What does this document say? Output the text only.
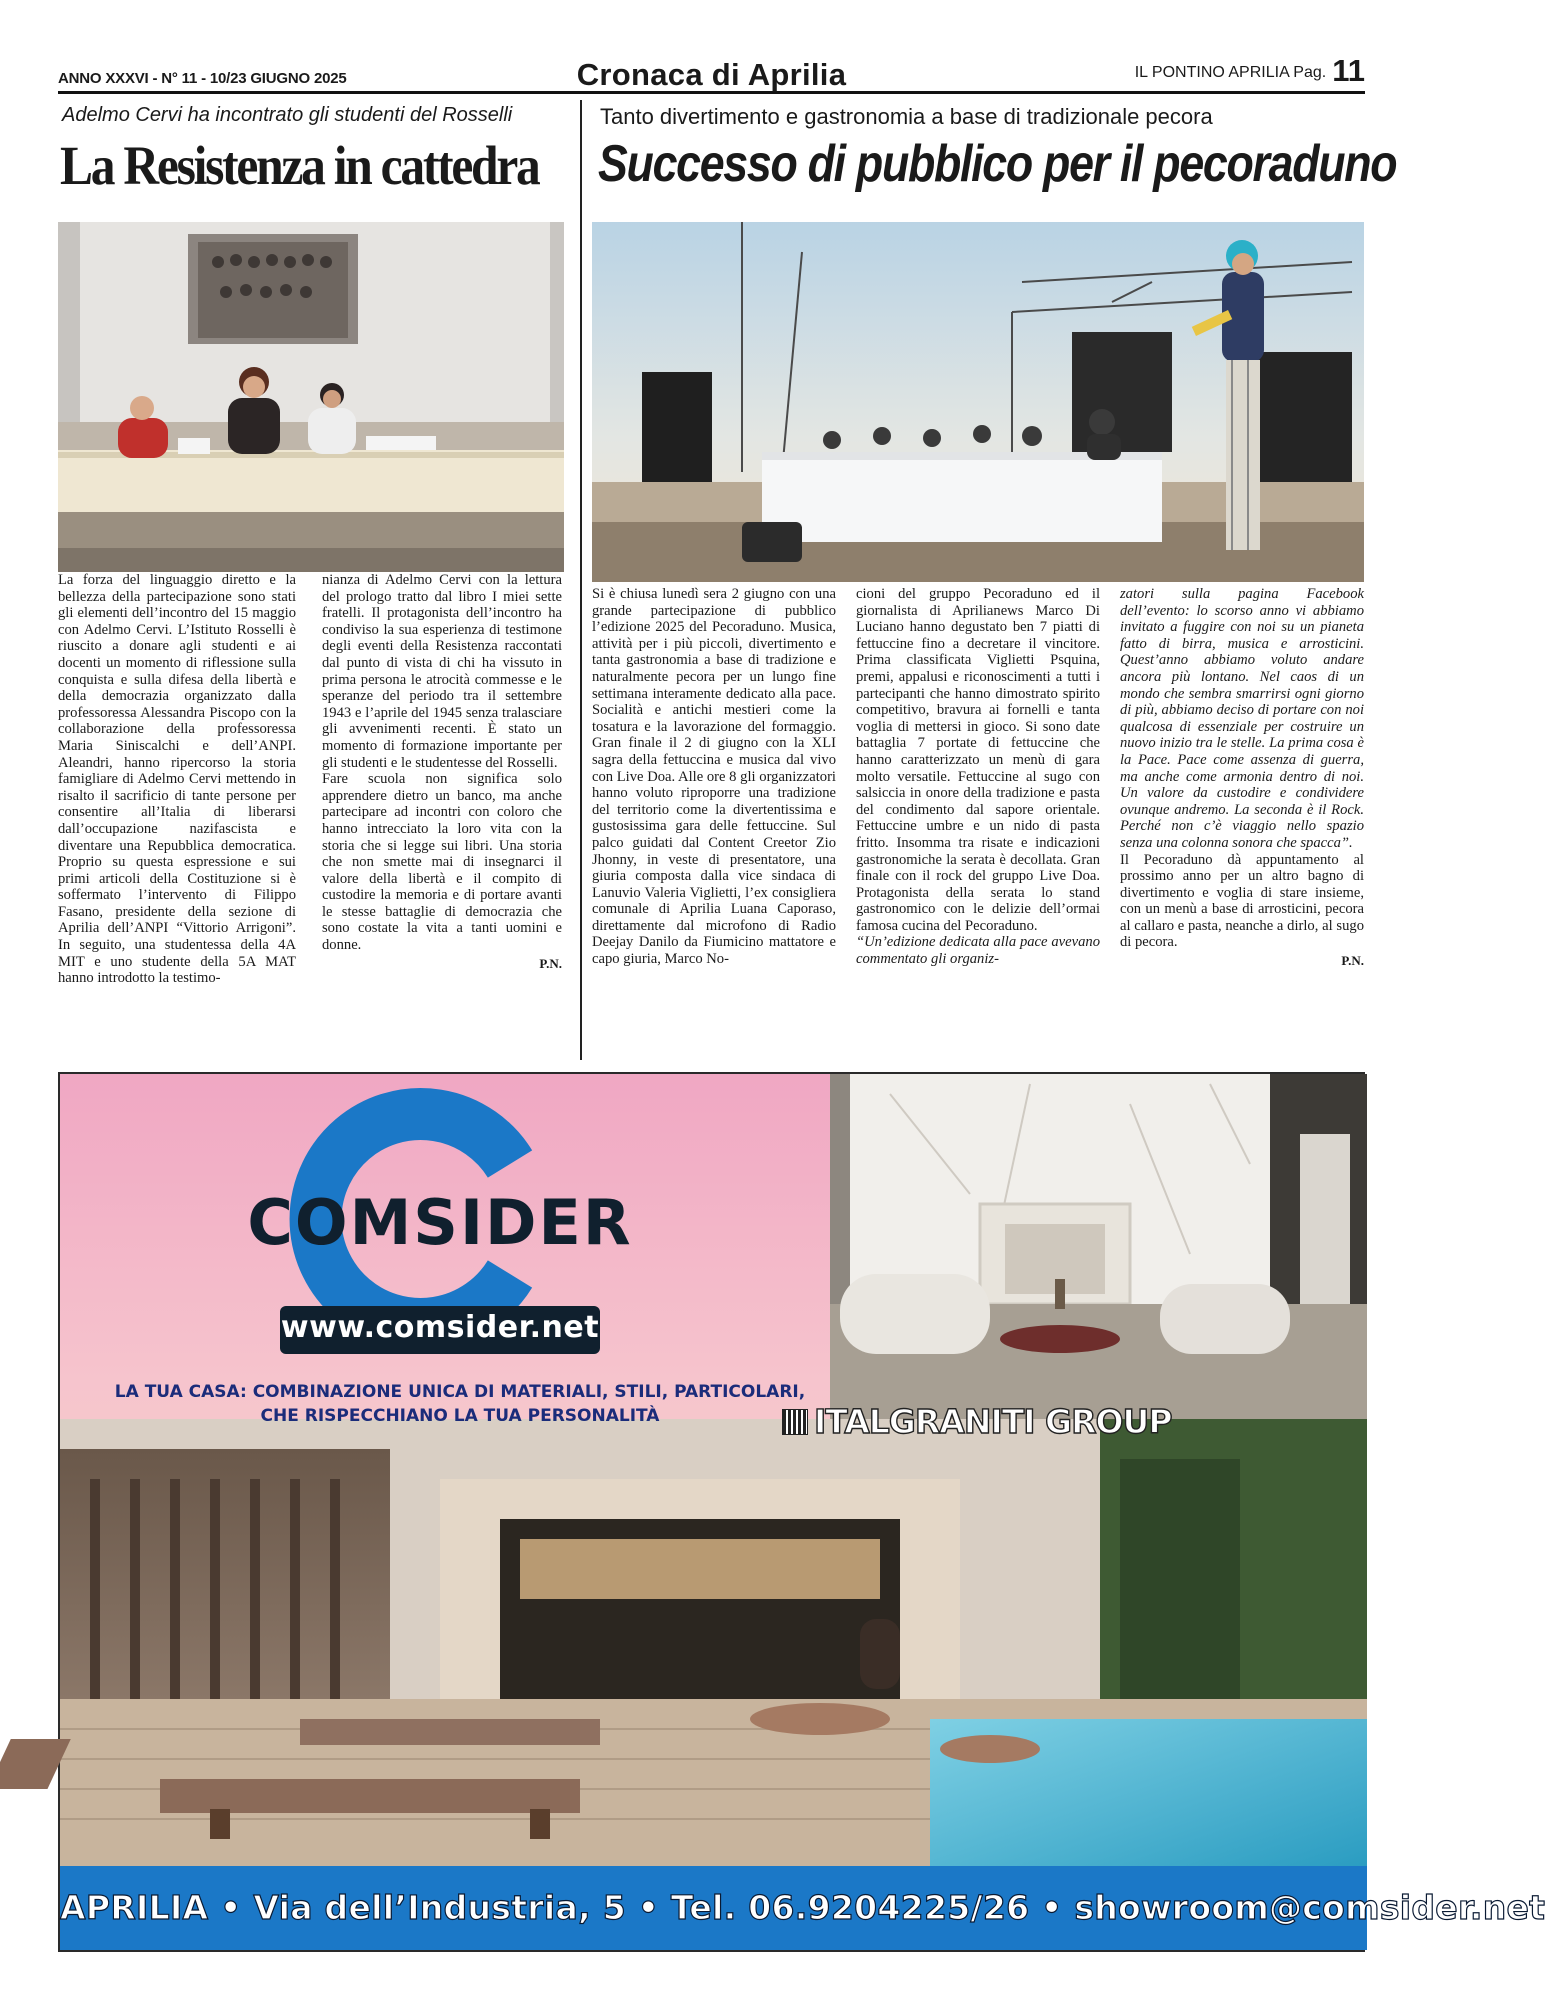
ANNO XXXVI - N° 11 - 10/23 GIUGNO 2025	Cronaca di Aprilia	IL PONTINO APRILIA Pag. 11
Adelmo Cervi ha incontrato gli studenti del Rosselli
La Resistenza in cattedra

La forza del linguaggio diretto e la bellezza della partecipazione sono stati gli elementi dell’incontro del 15 maggio con Adelmo Cervi. L’Istituto Rosselli è riuscito a donare agli studenti e ai docenti un momento di riflessione sulla conquista e sulla difesa della libertà e della democrazia organizzato dalla professoressa Alessandra Piscopo con la collaborazione della professoressa Maria Siniscalchi e dell’ANPI. Aleandri, hanno ripercorso la storia famigliare di Adelmo Cervi mettendo in risalto il sacrificio di tante persone per consentire all’Italia di liberarsi dall’occupazione nazifascista e diventare una Repubblica democratica. Proprio su questa espressione e sui primi articoli della Costituzione si è soffermato l’intervento di Filippo Fasano, presidente della sezione di Aprilia dell’ANPI “Vittorio Arrigoni”. In seguito, una studentessa della 4A MIT e uno studente della 5A MAT hanno introdotto la testimo-

nianza di Adelmo Cervi con la lettura del prologo tratto dal libro I miei sette fratelli. Il protagonista dell’incontro ha condiviso la sua esperienza di testimone degli eventi della Resistenza raccontati dal punto di vista di chi ha vissuto in prima persona le atrocità commesse e le speranze del periodo tra il settembre 1943 e l’aprile del 1945 senza tralasciare gli avvenimenti recenti. È stato un momento di formazione importante per gli studenti e le studentesse del Rosselli.

Fare scuola non significa solo apprendere dietro un banco, ma anche partecipare ad incontri con coloro che hanno intrecciato la loro vita con la storia che si legge sui libri. Una storia che non smette mai di insegnarci il valore della libertà e il compito di custodire la memoria e di portare avanti le stesse battaglie di democrazia che sono costate la vita a tanti uomini e donne.

P.N.
Tanto divertimento e gastronomia a base di tradizionale pecora
Successo di pubblico per il pecoraduno

Si è chiusa lunedì sera 2 giugno con una grande partecipazione di pubblico l’edizione 2025 del Pecoraduno. Musica, attività per i più piccoli, divertimento e tanta gastronomia a base di tradizione e naturalmente pecora per un lungo fine settimana interamente dedicato alla pace. Socialità e antichi mestieri come la tosatura e la lavorazione del formaggio. Gran finale il 2 di giugno con la XLI sagra della fettuccina e musica dal vivo con Live Doa. Alle ore 8 gli organizzatori hanno voluto riproporre una tradizione del territorio come la divertentissima e gustosissima gara delle fettuccine. Sul palco guidati dal Content Creetor Zio Jhonny, in veste di presentatore, una giuria composta dalla vice sindaca di Lanuvio Valeria Viglietti, l’ex consigliera comunale di Aprilia Luana Caporaso, direttamente dal microfono di Radio Deejay Danilo da Fiumicino mattatore e capo giuria, Marco No-

cioni del gruppo Pecoraduno ed il giornalista di Aprilianews Marco Di Luciano hanno degustato ben 7 piatti di fettuccine fino a decretare il vincitore. Prima classificata Viglietti Psquina, premi, appalusi e riconoscimenti a tutti i partecipanti che hanno dimostrato spirito competitivo, bravura ai fornelli e tanta voglia di mettersi in gioco. Si sono date battaglia 7 portate di fettuccine che hanno caratterizzato un menù di gara molto versatile. Fettuccine al sugo con salsiccia in onore della tradizione e pasta del condimento dal sapore orientale. Fettuccine umbre e un nido di pasta fritto. Insomma tra risate e indicazioni gastronomiche la serata è decollata. Gran finale con il rock del gruppo Live Doa. Protagonista della serata lo stand gastronomico con le delizie dell’ormai famosa cucina del Pecoraduno.

“Un’edizione dedicata alla pace avevano commentato gli organiz-

zatori sulla pagina Facebook dell’evento: lo scorso anno vi abbiamo invitato a fuggire con noi su un pianeta fatto di birra, musica e arrosticini. Quest’anno abbiamo voluto andare ancora più lontano. Nel caos di un mondo che sembra smarrirsi ogni giorno di più, abbiamo deciso di portare con noi qualcosa di essenziale per costruire un nuovo inizio tra le stelle. La prima cosa è la Pace. Pace come assenza di guerra, ma anche come armonia dentro di noi. Un valore da custodire e condividere ovunque andremo. La seconda è il Rock. Perché non c’è viaggio nello spazio senza una colonna sonora che spacca”.

Il Pecoraduno dà appuntamento al prossimo anno per un altro bagno di divertimento e voglia di stare insieme, con un menù a base di arrosticini, pecora al callaro e pasta, neanche a dirlo, al sugo di pecora.

P.N.
COMSIDER
www.comsider.net
LA TUA CASA: COMBINAZIONE UNICA DI MATERIALI, STILI, PARTICOLARI,
CHE RISPECCHIANO LA TUA PERSONALITÀ	ITALGRANITI GROUP
APRILIA • Via dell’Industria, 5 • Tel. 06.9204225/26 • showroom@comsider.net
